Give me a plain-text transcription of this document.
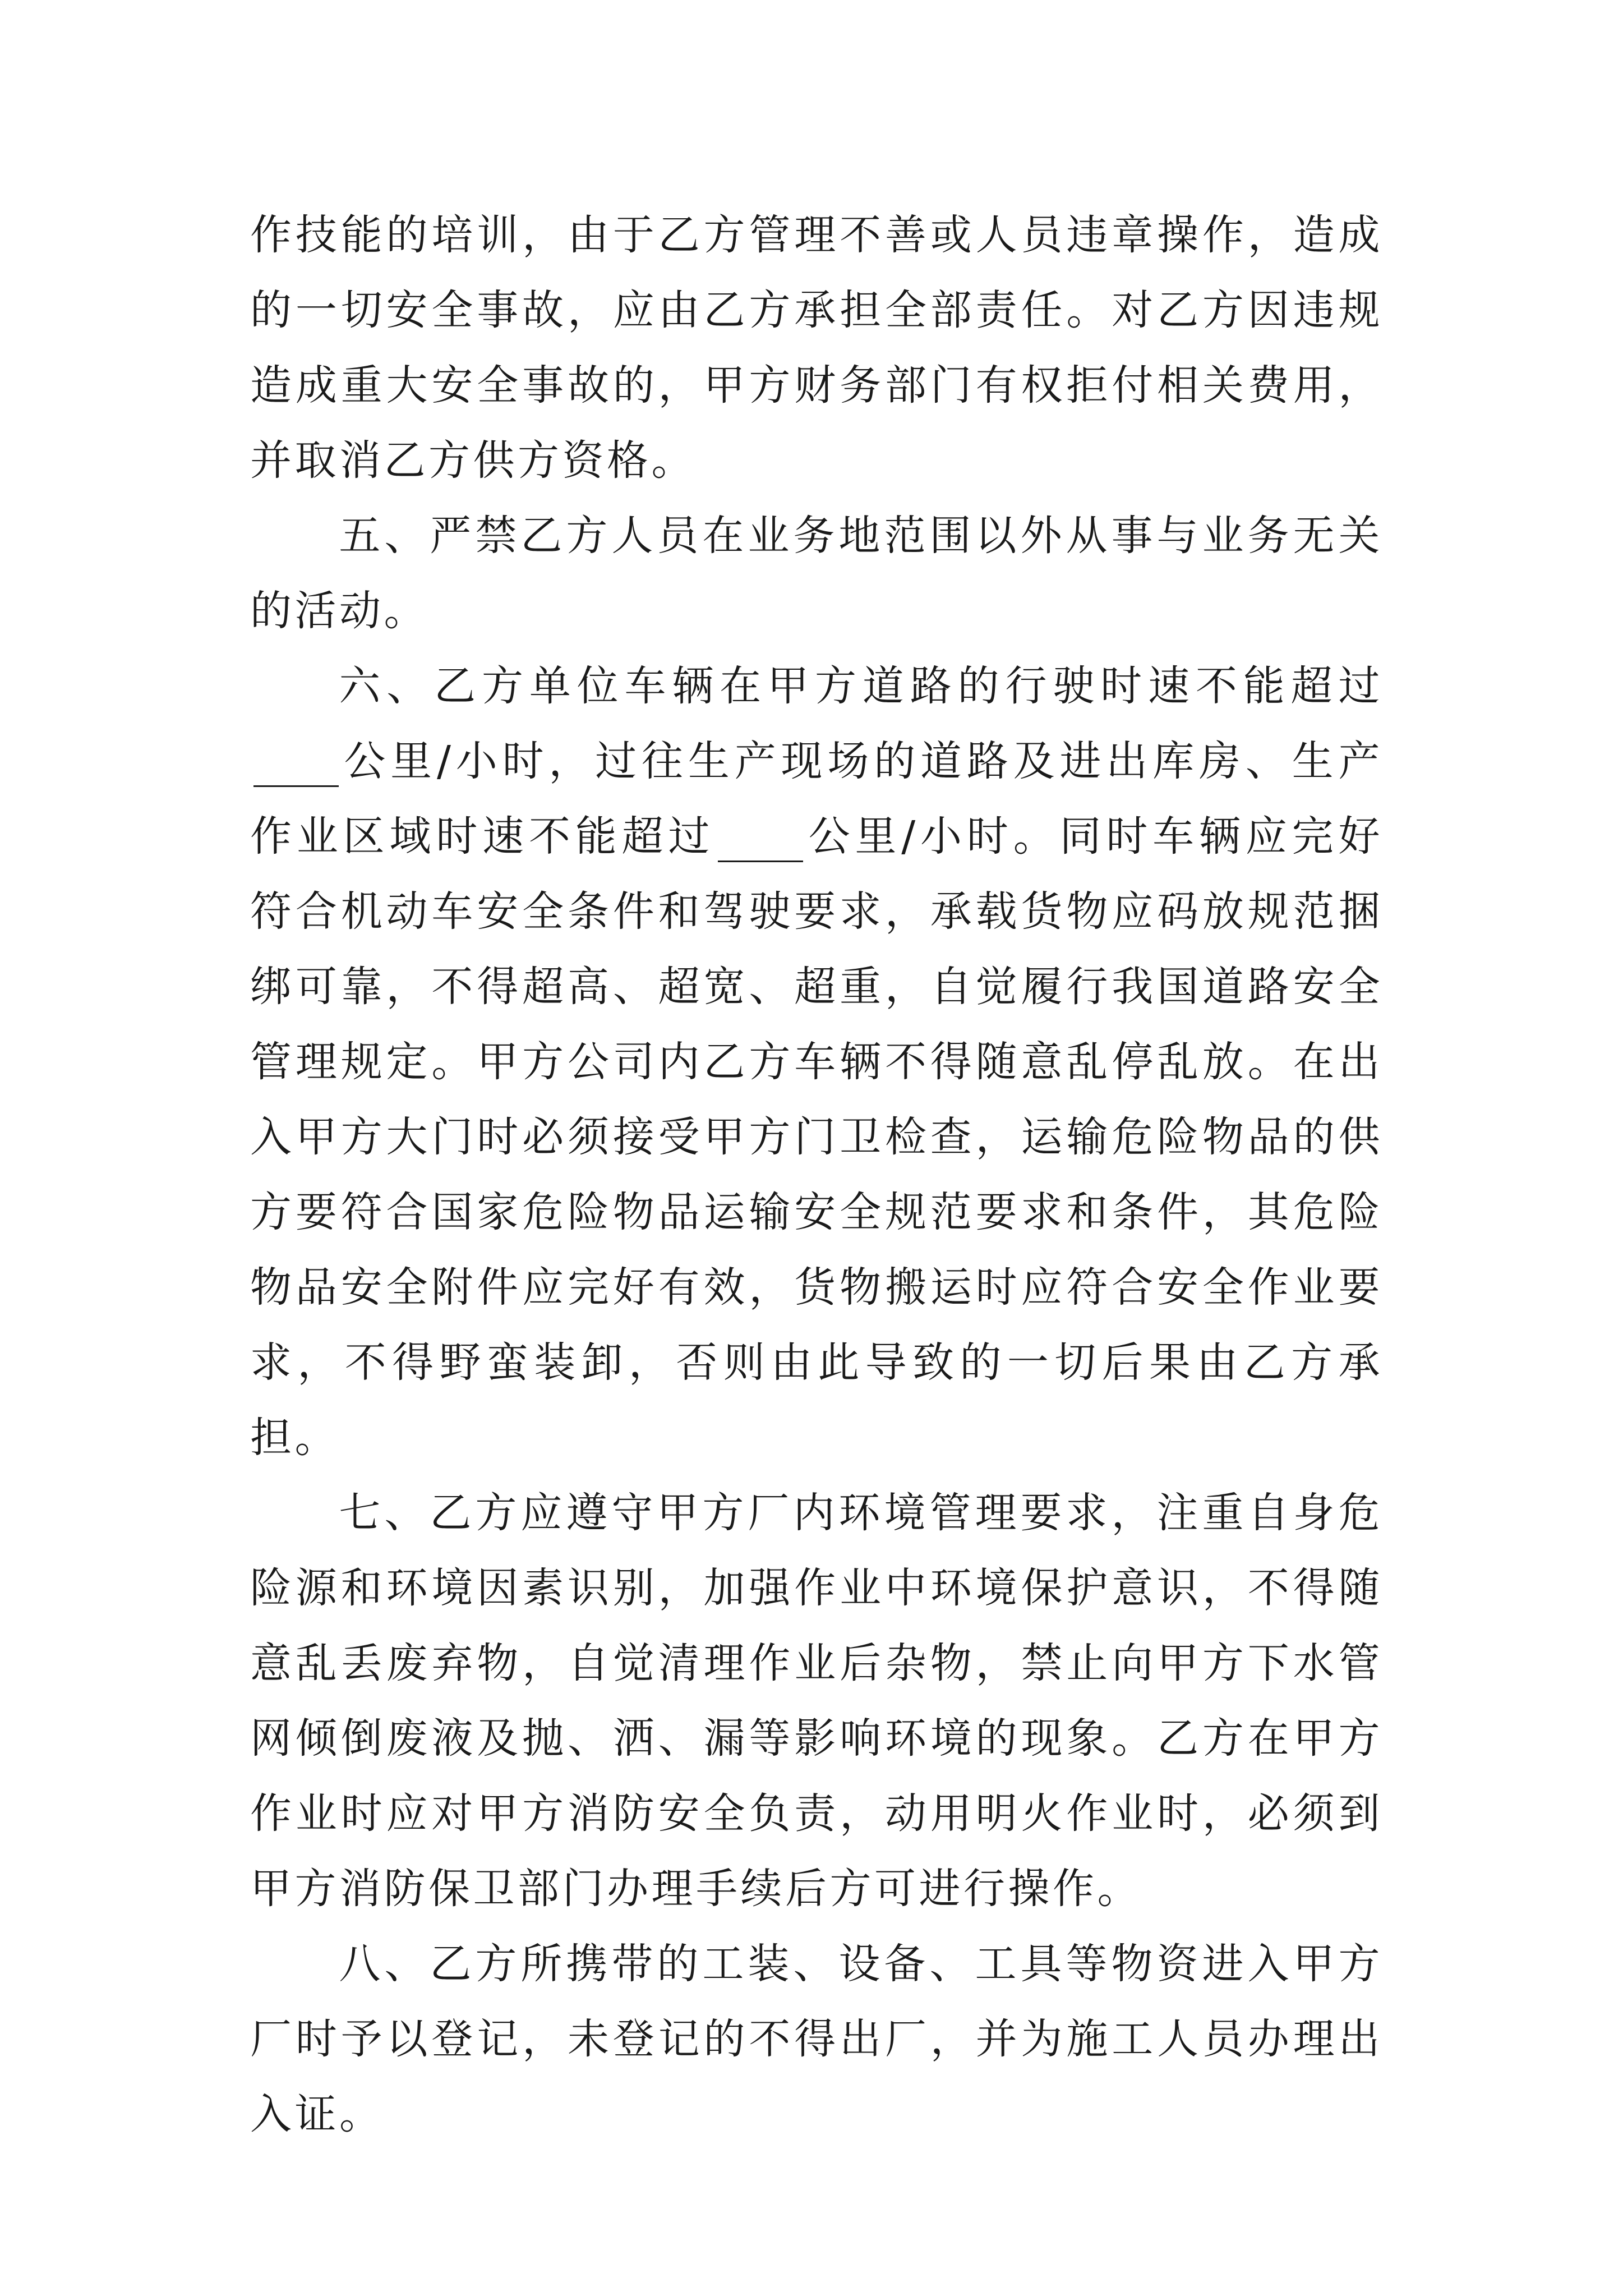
作技能的培训，由于乙方管理不善或人员违章操作，造成的一切安全事故，应由乙方承担全部责任。对乙方因违规造成重大安全事故的，甲方财务部门有权拒付相关费用，并取消乙方供方资格。

五、严禁乙方人员在业务地范围以外从事与业务无关的活动。

六、乙方单位车辆在甲方道路的行驶时速不能超过公里/小时，过往生产现场的道路及进出库房、生产作业区域时速不能超过 公里/小时。同时车辆应完好符合机动车安全条件和驾驶要求，承载货物应码放规范捆绑可靠，不得超高、超宽、超重，自觉履行我国道路安全管理规定。甲方公司内乙方车辆不得随意乱停乱放。在出入甲方大门时必须接受甲方门卫检查，运输危险物品的供方要符合国家危险物品运输安全规范要求和条件，其危险物品安全附件应完好有效，货物搬运时应符合安全作业要求，不得野蛮装卸，否则由此导致的一切后果由乙方承担。

七、乙方应遵守甲方厂内环境管理要求，注重自身危险源和环境因素识别，加强作业中环境保护意识，不得随意乱丢废弃物，自觉清理作业后杂物，禁止向甲方下水管网倾倒废液及抛、洒、漏等影响环境的现象。乙方在甲方作业时应对甲方消防安全负责，动用明火作业时，必须到甲方消防保卫部门办理手续后方可进行操作。

八、乙方所携带的工装、设备、工具等物资进入甲方厂时予以登记，未登记的不得出厂，并为施工人员办理出入证。
